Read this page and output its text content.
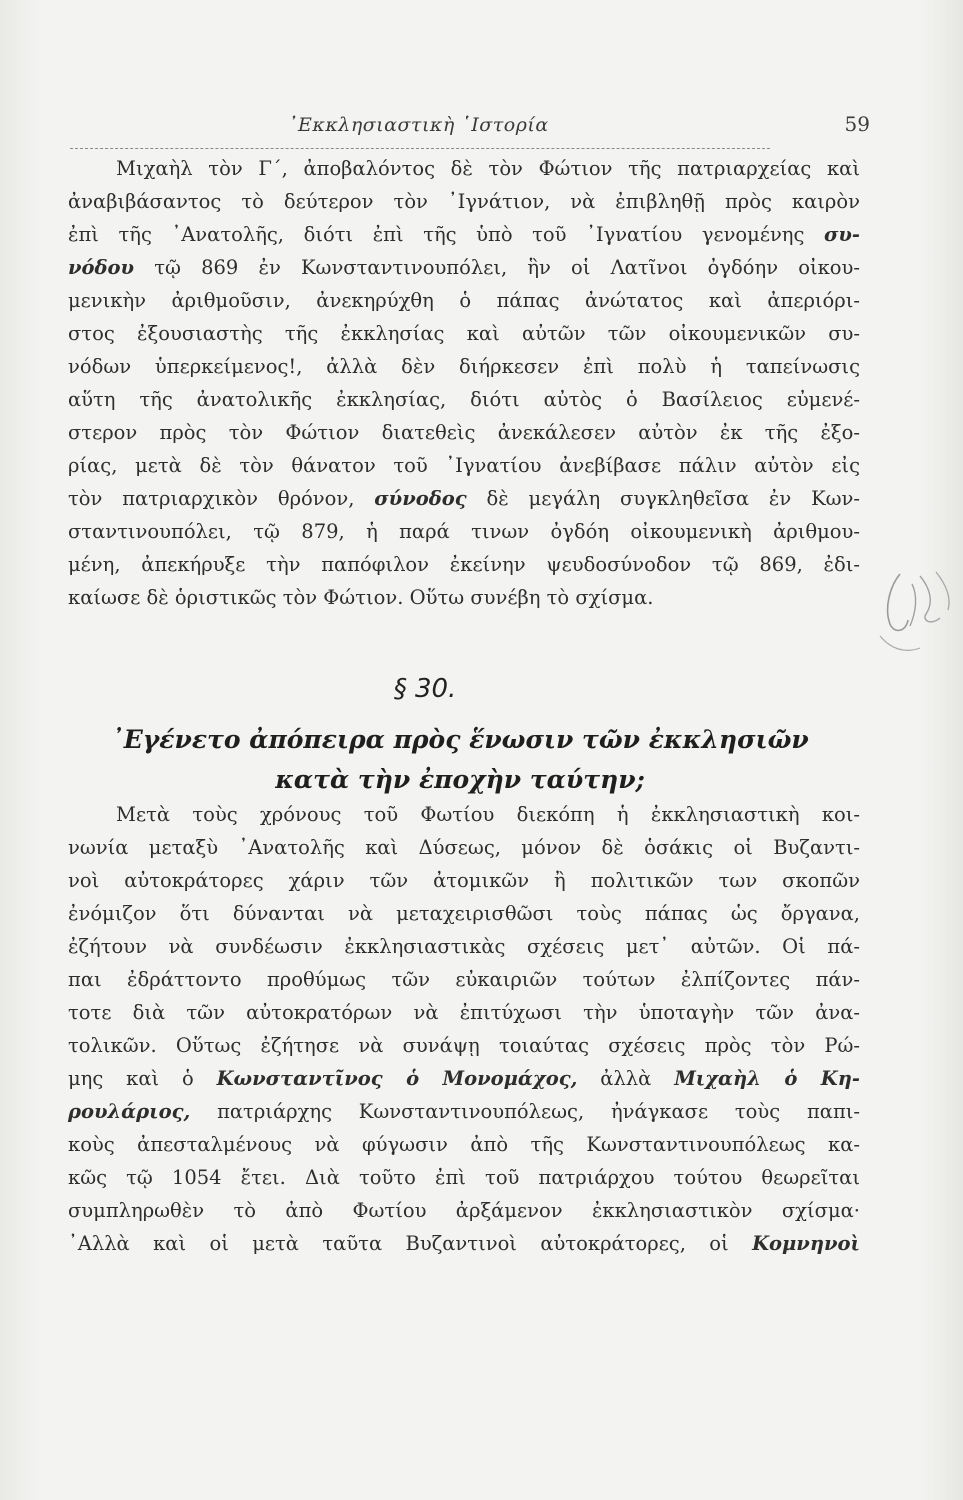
᾿Εκκλησιαστικὴ ῾Ιστορία	59
Μιχαὴλ τὸν Γ΄, ἀποβαλόντος δὲ τὸν Φώτιον τῆς πατριαρχείας καὶ
ἀναβιβάσαντος τὸ δεύτερον τὸν ᾿Ιγνάτιον, νὰ ἐπιβληθῇ πρὸς καιρὸν
ἐπὶ τῆς ᾿Ανατολῆς, διότι ἐπὶ τῆς ὑπὸ τοῦ ᾿Ιγνατίου γενομένης συ-
νόδου τῷ 869 ἐν Κωνσταντινουπόλει, ἣν οἱ Λατῖνοι ὀγδόην οἰκου-
μενικὴν ἀριθμοῦσιν, ἀνεκηρύχθη ὁ πάπας ἀνώτατος καὶ ἀπεριόρι-
στος ἐξουσιαστὴς τῆς ἐκκλησίας καὶ αὐτῶν τῶν οἰκουμενικῶν συ-
νόδων ὑπερκείμενος!, ἀλλὰ δὲν διήρκεσεν ἐπὶ πολὺ ἡ ταπείνωσις
αὕτη τῆς ἀνατολικῆς ἐκκλησίας, διότι αὐτὸς ὁ Βασίλειος εὐμενέ-
στερον πρὸς τὸν Φώτιον διατεθεὶς ἀνεκάλεσεν αὐτὸν ἐκ τῆς ἐξο-
ρίας, μετὰ δὲ τὸν θάνατον τοῦ ᾿Ιγνατίου ἀνεβίβασε πάλιν αὐτὸν εἰς
τὸν πατριαρχικὸν θρόνον, σύνοδος δὲ μεγάλη συγκληθεῖσα ἐν Κων-
σταντινουπόλει, τῷ 879, ἡ παρά τινων ὀγδόη οἰκουμενικὴ ἀριθμου-
μένη, ἀπεκήρυξε τὴν παπόφιλον ἐκείνην ψευδοσύνοδον τῷ 869, ἐδι-
καίωσε δὲ ὁριστικῶς τὸν Φώτιον. Οὕτω συνέβη τὸ σχίσμα.
§ 30.
᾿Εγένετο ἀπόπειρα πρὸς ἕνωσιν τῶν ἐκκλησιῶν
κατὰ τὴν ἐποχὴν ταύτην;
Μετὰ τοὺς χρόνους τοῦ Φωτίου διεκόπη ἡ ἐκκλησιαστικὴ κοι-
νωνία μεταξὺ ᾿Ανατολῆς καὶ Δύσεως, μόνον δὲ ὁσάκις οἱ Βυζαντι-
νοὶ αὐτοκράτορες χάριν τῶν ἀτομικῶν ἢ πολιτικῶν των σκοπῶν
ἐνόμιζον ὅτι δύνανται νὰ μεταχειρισθῶσι τοὺς πάπας ὡς ὄργανα,
ἐζήτουν νὰ συνδέωσιν ἐκκλησιαστικὰς σχέσεις μετ᾿ αὐτῶν. Οἱ πά-
παι ἐδράττοντο προθύμως τῶν εὐκαιριῶν τούτων ἐλπίζοντες πάν-
τοτε διὰ τῶν αὐτοκρατόρων νὰ ἐπιτύχωσι τὴν ὑποταγὴν τῶν ἀνα-
τολικῶν. Οὕτως ἐζήτησε νὰ συνάψῃ τοιαύτας σχέσεις πρὸς τὸν Ρώ-
μης καὶ ὁ Κωνσταντῖνος ὁ Μονομάχος, ἀλλὰ Μιχαὴλ ὁ Κη-
ρουλάριος, πατριάρχης Κωνσταντινουπόλεως, ἠνάγκασε τοὺς παπι-
κοὺς ἀπεσταλμένους νὰ φύγωσιν ἀπὸ τῆς Κωνσταντινουπόλεως κα-
κῶς τῷ 1054 ἔτει. Διὰ τοῦτο ἐπὶ τοῦ πατριάρχου τούτου θεωρεῖται
συμπληρωθὲν τὸ ἀπὸ Φωτίου ἀρξάμενον ἐκκλησιαστικὸν σχίσμα·
᾿Αλλὰ καὶ οἱ μετὰ ταῦτα Βυζαντινοὶ αὐτοκράτορες, οἱ Κομνηνοὶ
